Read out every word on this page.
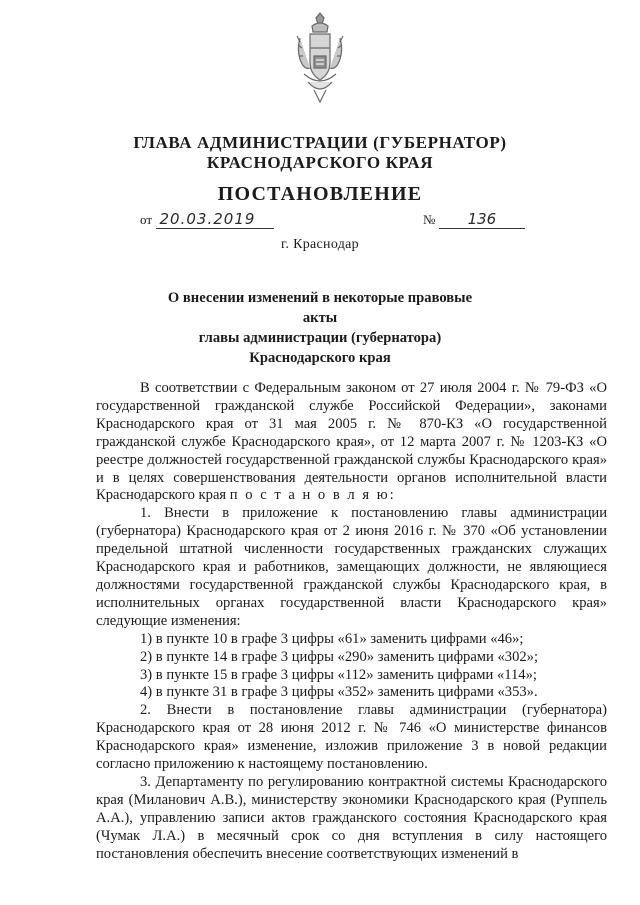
ГЛАВА АДМИНИСТРАЦИИ (ГУБЕРНАТОР)
КРАСНОДАРСКОГО КРАЯ
ПОСТАНОВЛЕНИЕ
от 20.03.2019	№ 136
г. Краснодар
О внесении изменений в некоторые правовые акты
главы администрации (губернатора)
Краснодарского края

В соответствии с Федеральным законом от 27 июля 2004 г. № 79-ФЗ «О государственной гражданской службе Российской Федерации», законами Краснодарского края от 31 мая 2005 г. № 870-КЗ «О государственной гражданской службе Краснодарского края», от 12 марта 2007 г. № 1203-КЗ «О реестре должностей государственной гражданской службы Краснодарского края» и в целях совершенствования деятельности органов исполнительной власти Краснодарского края п о с т а н о в л я ю:

1. Внести в приложение к постановлению главы администрации (губернатора) Краснодарского края от 2 июня 2016 г. № 370 «Об установлении предельной штатной численности государственных гражданских служащих Краснодарского края и работников, замещающих должности, не являющиеся должностями государственной гражданской службы Краснодарского края, в исполнительных органах государственной власти Краснодарского края» следующие изменения:

1) в пункте 10 в графе 3 цифры «61» заменить цифрами «46»;

2) в пункте 14 в графе 3 цифры «290» заменить цифрами «302»;

3) в пункте 15 в графе 3 цифры «112» заменить цифрами «114»;

4) в пункте 31 в графе 3 цифры «352» заменить цифрами «353».

2. Внести в постановление главы администрации (губернатора) Краснодарского края от 28 июня 2012 г. № 746 «О министерстве финансов Краснодарского края» изменение, изложив приложение 3 в новой редакции согласно приложению к настоящему постановлению.

3. Департаменту по регулированию контрактной системы Краснодарского края (Миланович А.В.), министерству экономики Краснодарского края (Руппель А.А.), управлению записи актов гражданского состояния Краснодарского края (Чумак Л.А.) в месячный срок со дня вступления в силу настоящего постановления обеспечить внесение соответствующих изменений в
